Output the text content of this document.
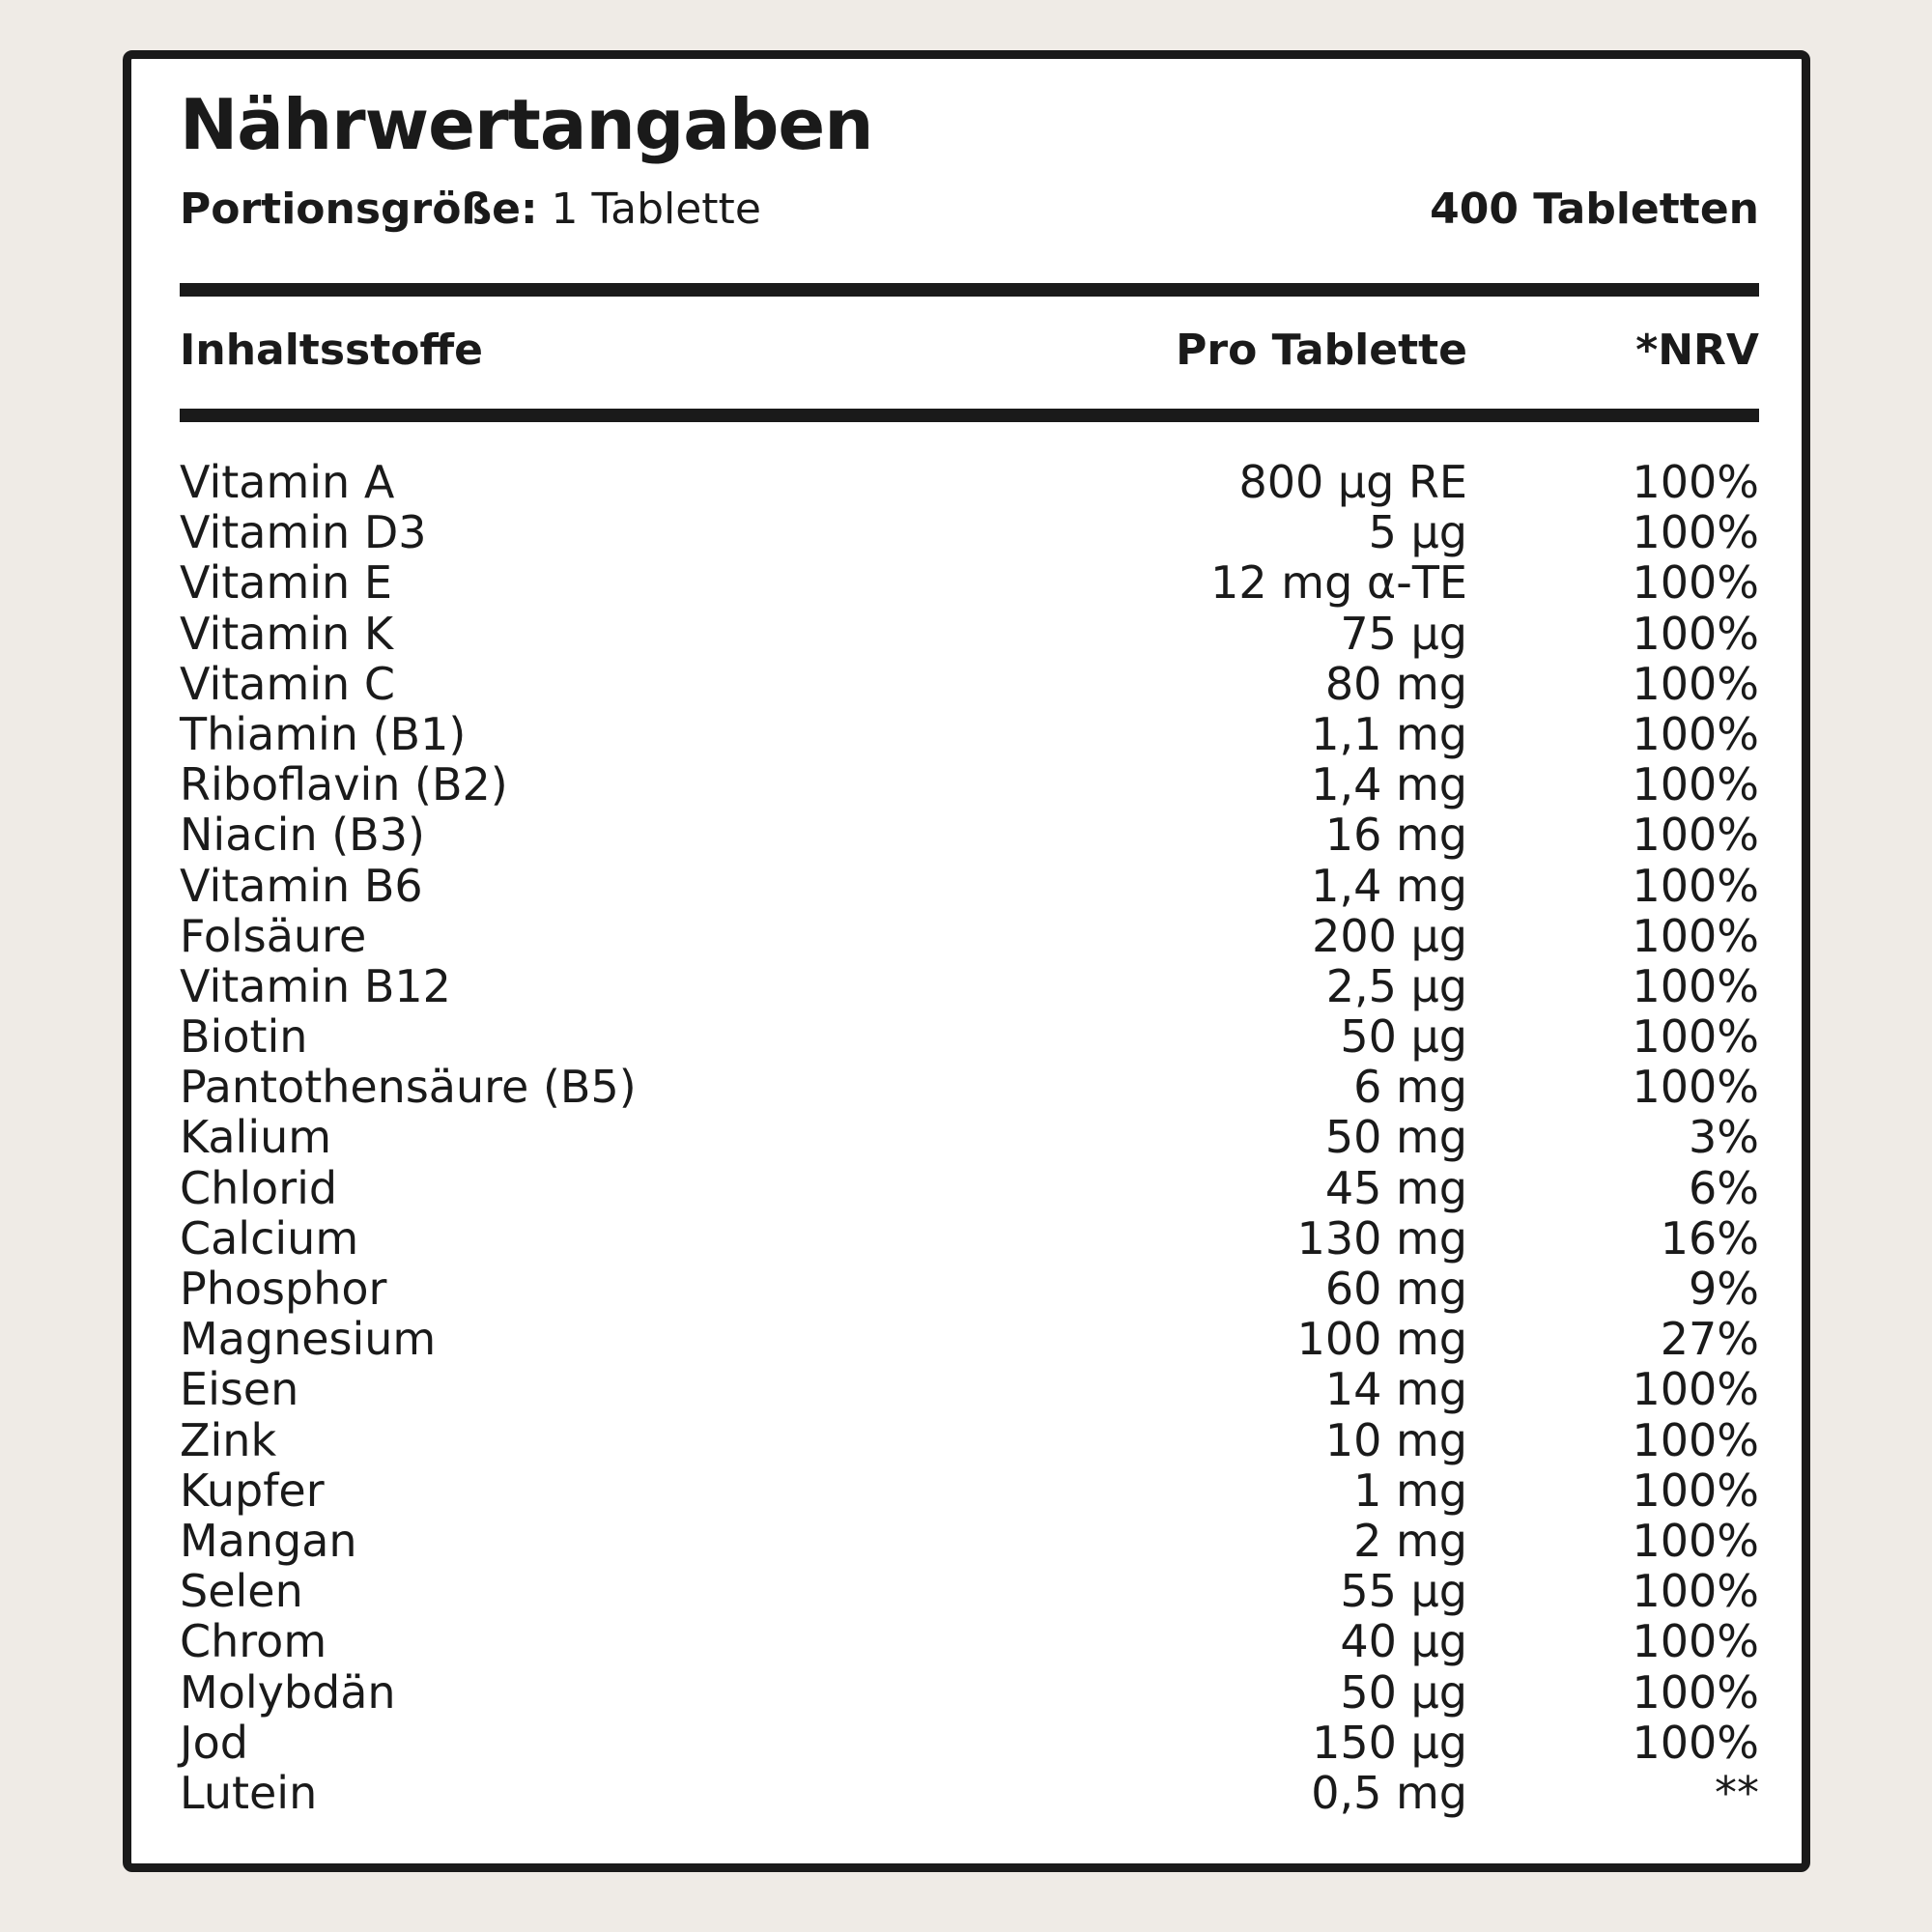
Nährwertangaben
Portionsgröße: 1 Tablette	400 Tabletten
Inhaltsstoffe	Pro Tablette	*NRV
Vitamin A	800 µg RE	100%
Vitamin D3	5 µg	100%
Vitamin E	12 mg α-TE	100%
Vitamin K	75 µg	100%
Vitamin C	80 mg	100%
Thiamin (B1)	1,1 mg	100%
Riboflavin (B2)	1,4 mg	100%
Niacin (B3)	16 mg	100%
Vitamin B6	1,4 mg	100%
Folsäure	200 µg	100%
Vitamin B12	2,5 µg	100%
Biotin	50 µg	100%
Pantothensäure (B5)	6 mg	100%
Kalium	50 mg	3%
Chlorid	45 mg	6%
Calcium	130 mg	16%
Phosphor	60 mg	9%
Magnesium	100 mg	27%
Eisen	14 mg	100%
Zink	10 mg	100%
Kupfer	1 mg	100%
Mangan	2 mg	100%
Selen	55 µg	100%
Chrom	40 µg	100%
Molybdän	50 µg	100%
Jod	150 µg	100%
Lutein	0,5 mg	**
